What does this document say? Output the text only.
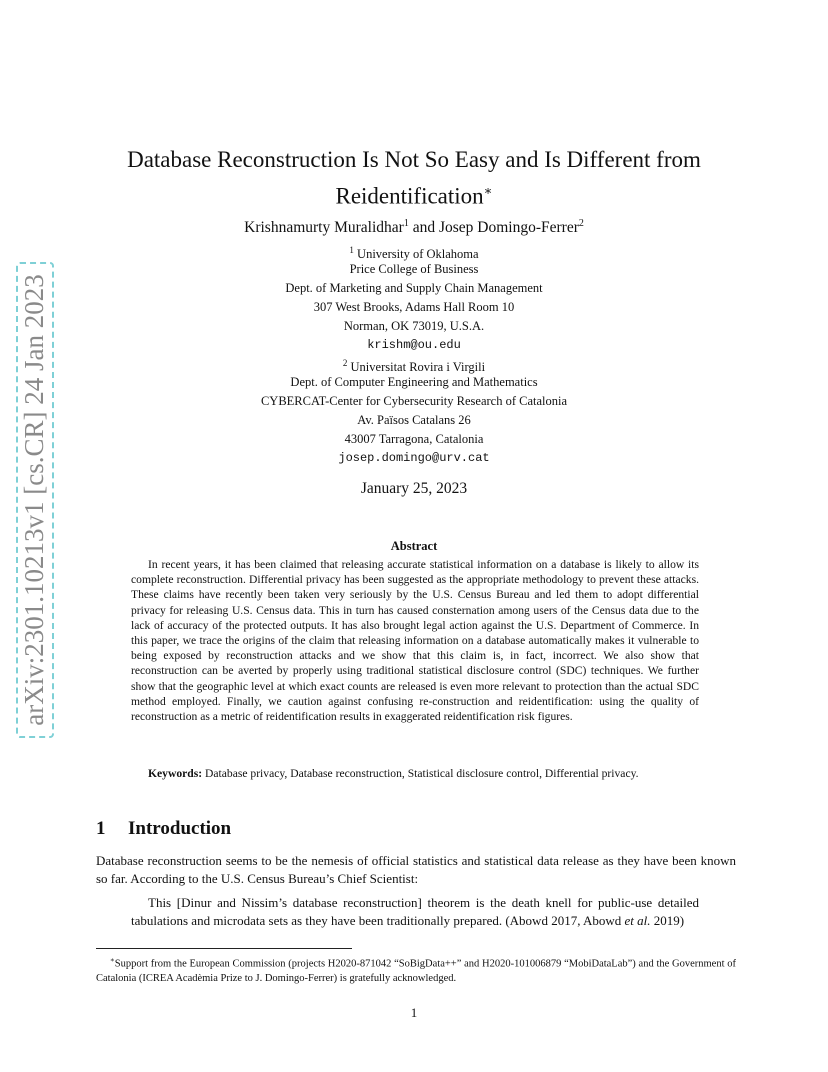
arXiv:2301.10213v1 [cs.CR] 24 Jan 2023
Database Reconstruction Is Not So Easy and Is Different from
Reidentification∗
Krishnamurty Muralidhar$^1$ and Josep Domingo-Ferrer$^2$
$^1$ University of Oklahoma
Price College of Business
Dept. of Marketing and Supply Chain Management
307 West Brooks, Adams Hall Room 10
Norman, OK 73019, U.S.A.
krishm@ou.edu
$^2$ Universitat Rovira i Virgili
Dept. of Computer Engineering and Mathematics
CYBERCAT-Center for Cybersecurity Research of Catalonia
Av. Països Catalans 26
43007 Tarragona, Catalonia
josep.domingo@urv.cat
January 25, 2023
Abstract

In recent years, it has been claimed that releasing accurate statistical information on a database is likely to allow its complete reconstruction. Differential privacy has been suggested as the appropriate methodology to prevent these attacks. These claims have recently been taken very seriously by the U.S. Census Bureau and led them to adopt differential privacy for releasing U.S. Census data. This in turn has caused consternation among users of the Census data due to the lack of accuracy of the protected outputs. It has also brought legal action against the U.S. Department of Commerce. In this paper, we trace the origins of the claim that releasing information on a database automatically makes it vulnerable to being exposed by reconstruction attacks and we show that this claim is, in fact, incorrect. We also show that reconstruction can be averted by properly using traditional statistical disclosure control (SDC) techniques. We further show that the geographic level at which exact counts are released is even more relevant to protection than the actual SDC method employed. Finally, we caution against confusing re-construction and reidentification: using the quality of reconstruction as a metric of reidentification results in exaggerated reidentification risk figures.

Keywords: Database privacy, Database reconstruction, Statistical disclosure control, Differential privacy.

1 Introduction

Database reconstruction seems to be the nemesis of official statistics and statistical data release as they have been known so far. According to the U.S. Census Bureau’s Chief Scientist:

This [Dinur and Nissim’s database reconstruction] theorem is the death knell for public-use detailed tabulations and microdata sets as they have been traditionally prepared. (Abowd 2017, Abowd et al. 2019)

∗Support from the European Commission (projects H2020-871042 “SoBigData++” and H2020-101006879 “MobiDataLab”) and the Government of Catalonia (ICREA Acadèmia Prize to J. Domingo-Ferrer) is gratefully acknowledged.

1
